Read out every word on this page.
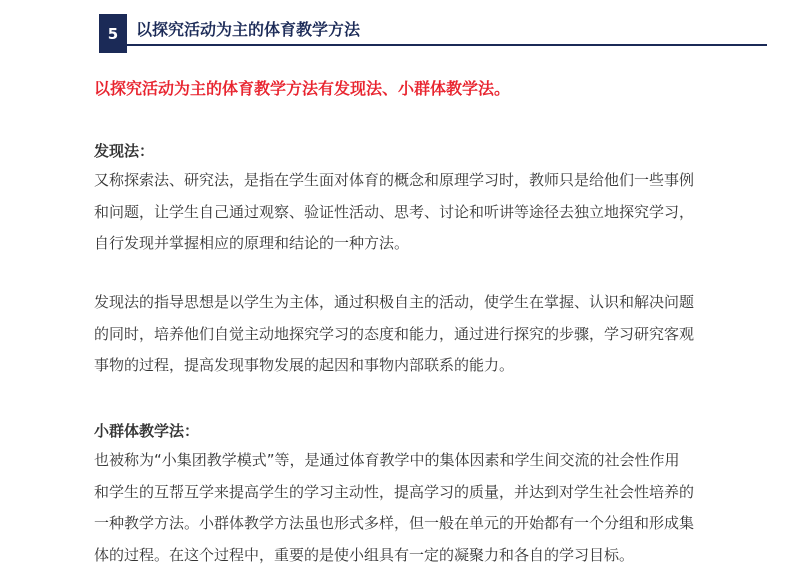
5	以探究活动为主的体育教学方法
以探究活动为主的体育教学方法有发现法、小群体教学法。
发现法：
又称探索法、研究法，是指在学生面对体育的概念和原理学习时，教师只是给他们一些事例
和问题，让学生自己通过观察、验证性活动、思考、讨论和听讲等途径去独立地探究学习，
自行发现并掌握相应的原理和结论的一种方法。
发现法的指导思想是以学生为主体，通过积极自主的活动，使学生在掌握、认识和解决问题
的同时，培养他们自觉主动地探究学习的态度和能力，通过进行探究的步骤，学习研究客观
事物的过程，提高发现事物发展的起因和事物内部联系的能力。
小群体教学法：
也被称为“小集团教学模式”等，是通过体育教学中的集体因素和学生间交流的社会性作用
和学生的互帮互学来提高学生的学习主动性，提高学习的质量，并达到对学生社会性培养的
一种教学方法。小群体教学方法虽也形式多样，但一般在单元的开始都有一个分组和形成集
体的过程。在这个过程中，重要的是使小组具有一定的凝聚力和各自的学习目标。
